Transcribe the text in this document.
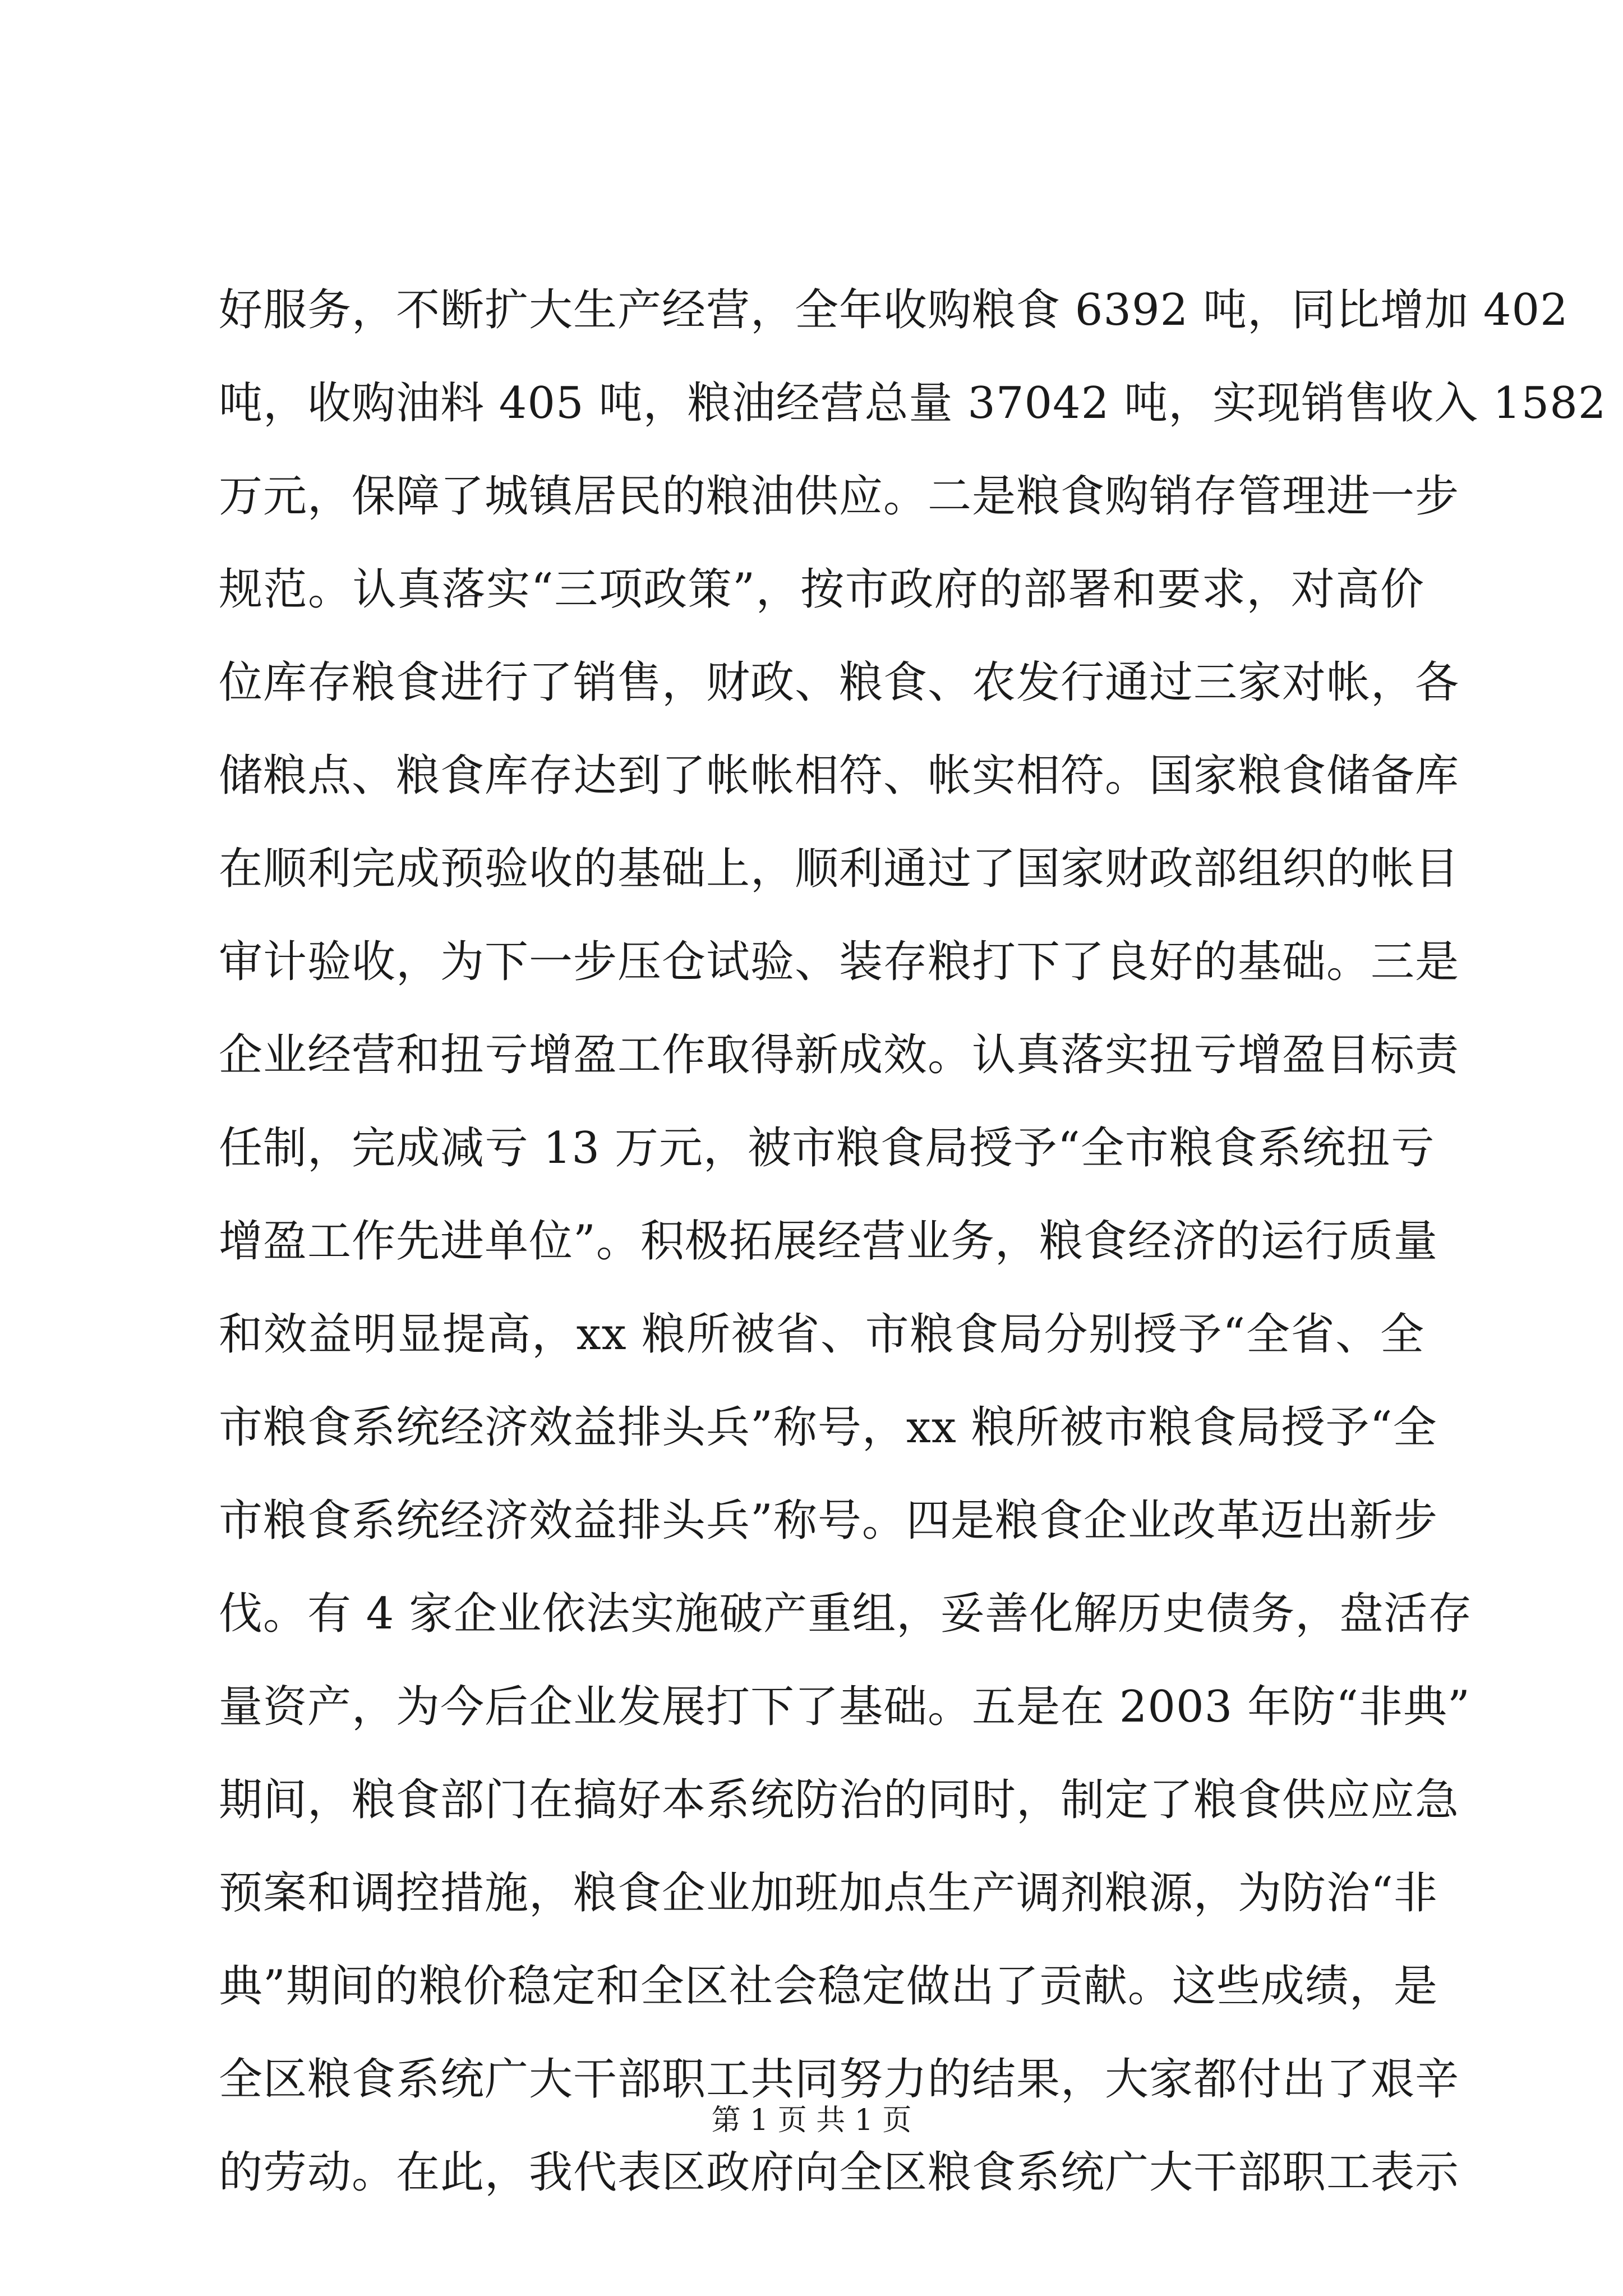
好服务，不断扩大生产经营，全年收购粮食 6392 吨，同比增加 402
吨，收购油料 405 吨，粮油经营总量 37042 吨，实现销售收入 1582
万元，保障了城镇居民的粮油供应。二是粮食购销存管理进一步
规范。认真落实“三项政策”，按市政府的部署和要求，对高价
位库存粮食进行了销售，财政、粮食、农发行通过三家对帐，各
储粮点、粮食库存达到了帐帐相符、帐实相符。国家粮食储备库
在顺利完成预验收的基础上，顺利通过了国家财政部组织的帐目
审计验收，为下一步压仓试验、装存粮打下了良好的基础。三是
企业经营和扭亏增盈工作取得新成效。认真落实扭亏增盈目标责
任制，完成减亏 13 万元，被市粮食局授予“全市粮食系统扭亏
增盈工作先进单位”。积极拓展经营业务，粮食经济的运行质量
和效益明显提高，xx 粮所被省、市粮食局分别授予“全省、全
市粮食系统经济效益排头兵”称号，xx 粮所被市粮食局授予“全
市粮食系统经济效益排头兵”称号。四是粮食企业改革迈出新步
伐。有 4 家企业依法实施破产重组，妥善化解历史债务，盘活存
量资产，为今后企业发展打下了基础。五是在 2003 年防“非典”
期间，粮食部门在搞好本系统防治的同时，制定了粮食供应应急
预案和调控措施，粮食企业加班加点生产调剂粮源，为防治“非
典”期间的粮价稳定和全区社会稳定做出了贡献。这些成绩，是
全区粮食系统广大干部职工共同努力的结果，大家都付出了艰辛
的劳动。在此，我代表区政府向全区粮食系统广大干部职工表示
第 1 页 共 1 页
